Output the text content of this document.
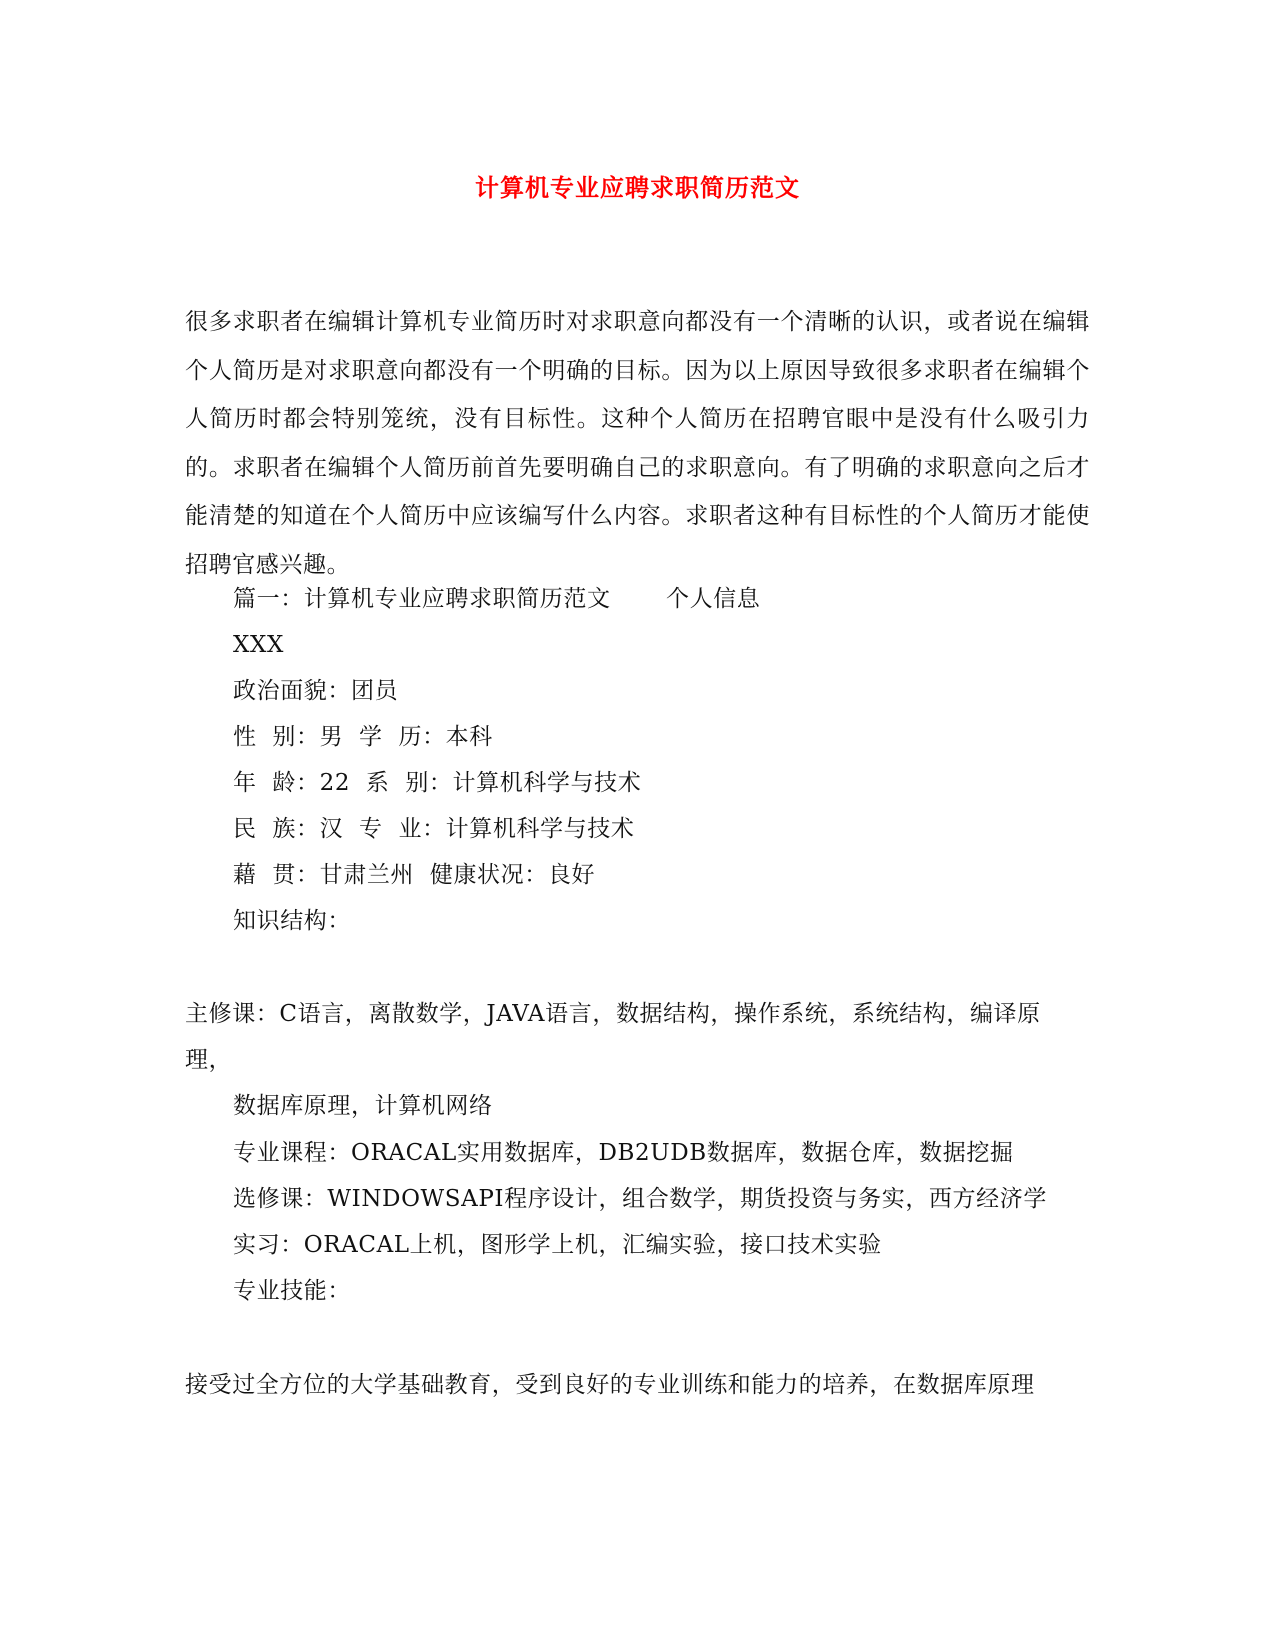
计算机专业应聘求职简历范文
很多求职者在编辑计算机专业简历时对求职意向都没有一个清晰的认识，或者说在编辑个人简历是对求职意向都没有一个明确的目标。因为以上原因导致很多求职者在编辑个人简历时都会特别笼统，没有目标性。这种个人简历在招聘官眼中是没有什么吸引力的。求职者在编辑个人简历前首先要明确自己的求职意向。有了明确的求职意向之后才能清楚的知道在个人简历中应该编写什么内容。求职者这种有目标性的个人简历才能使招聘官感兴趣。
篇一：计算机专业应聘求职简历范文       个人信息
XXX
政治面貌：团员
性  别：男  学  历：本科
年  龄：22  系  别：计算机科学与技术
民  族：汉  专  业：计算机科学与技术
藉  贯：甘肃兰州  健康状况：良好
知识结构：
主修课：C语言，离散数学，JAVA语言，数据结构，操作系统，系统结构，编译原
理，
数据库原理，计算机网络
专业课程：ORACAL实用数据库，DB2UDB数据库，数据仓库，数据挖掘
选修课：WINDOWSAPI程序设计，组合数学，期货投资与务实，西方经济学
实习：ORACAL上机，图形学上机，汇编实验，接口技术实验
专业技能：
接受过全方位的大学基础教育，受到良好的专业训练和能力的培养，在数据库原理
